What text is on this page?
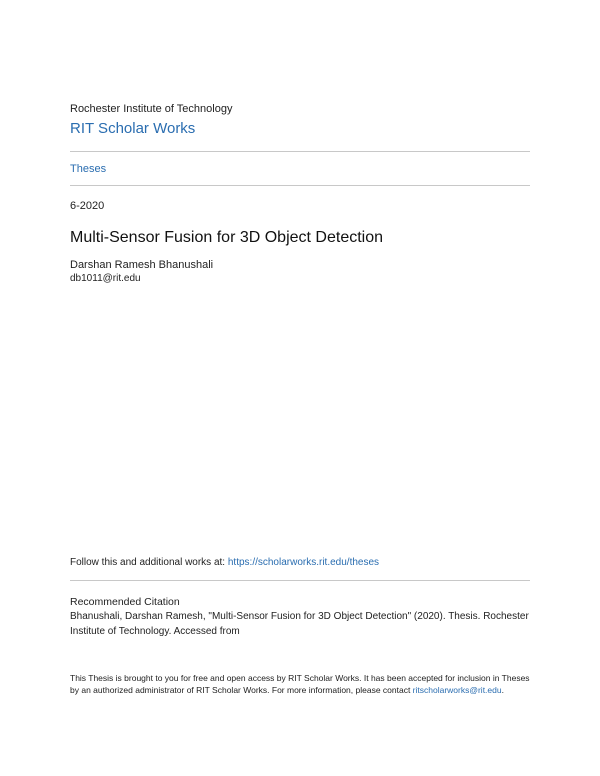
Rochester Institute of Technology
RIT Scholar Works
Theses
6-2020
Multi-Sensor Fusion for 3D Object Detection
Darshan Ramesh Bhanushali
db1011@rit.edu
Follow this and additional works at: https://scholarworks.rit.edu/theses
Recommended Citation
Bhanushali, Darshan Ramesh, "Multi-Sensor Fusion for 3D Object Detection" (2020). Thesis. Rochester Institute of Technology. Accessed from
This Thesis is brought to you for free and open access by RIT Scholar Works. It has been accepted for inclusion in Theses by an authorized administrator of RIT Scholar Works. For more information, please contact ritscholarworks@rit.edu.
